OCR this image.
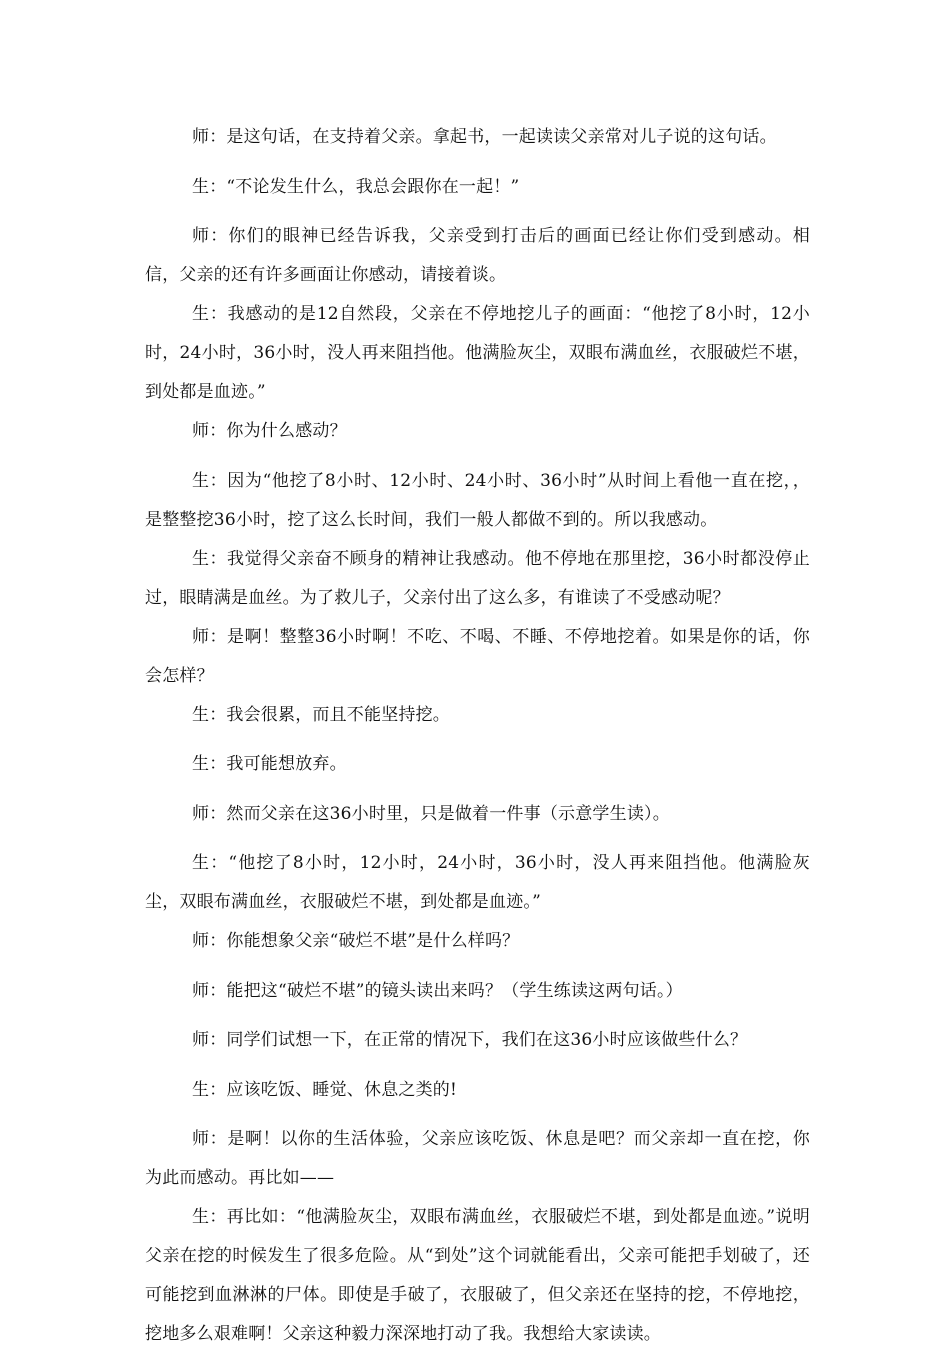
师：是这句话，在支持着父亲。拿起书，一起读读父亲常对儿子说的这句话。

生：“不论发生什么，我总会跟你在一起！”

师：你们的眼神已经告诉我，父亲受到打击后的画面已经让你们受到感动。相信，父亲的还有许多画面让你感动，请接着谈。

生：我感动的是12自然段，父亲在不停地挖儿子的画面：“他挖了8小时，12小时，24小时，36小时，没人再来阻挡他。他满脸灰尘，双眼布满血丝，衣服破烂不堪，到处都是血迹。”

师：你为什么感动？

生：因为“他挖了8小时、12小时、24小时、36小时”从时间上看他一直在挖，，是整整挖36小时，挖了这么长时间，我们一般人都做不到的。所以我感动。

生：我觉得父亲奋不顾身的精神让我感动。他不停地在那里挖，36小时都没停止过，眼睛满是血丝。为了救儿子，父亲付出了这么多，有谁读了不受感动呢？

师：是啊！整整36小时啊！不吃、不喝、不睡、不停地挖着。如果是你的话，你会怎样？

生：我会很累，而且不能坚持挖。

生：我可能想放弃。

师：然而父亲在这36小时里，只是做着一件事（示意学生读）。

生：“他挖了8小时，12小时，24小时，36小时，没人再来阻挡他。他满脸灰尘，双眼布满血丝，衣服破烂不堪，到处都是血迹。”

师：你能想象父亲“破烂不堪”是什么样吗？

师：能把这“破烂不堪”的镜头读出来吗？（学生练读这两句话。）

师：同学们试想一下，在正常的情况下，我们在这36小时应该做些什么？

生：应该吃饭、睡觉、休息之类的!

师：是啊！以你的生活体验，父亲应该吃饭、休息是吧？而父亲却一直在挖，你为此而感动。再比如——

生：再比如：“他满脸灰尘，双眼布满血丝，衣服破烂不堪，到处都是血迹。”说明父亲在挖的时候发生了很多危险。从“到处”这个词就能看出，父亲可能把手划破了，还可能挖到血淋淋的尸体。即使是手破了，衣服破了，但父亲还在坚持的挖，不停地挖，挖地多么艰难啊！父亲这种毅力深深地打动了我。我想给大家读读。
